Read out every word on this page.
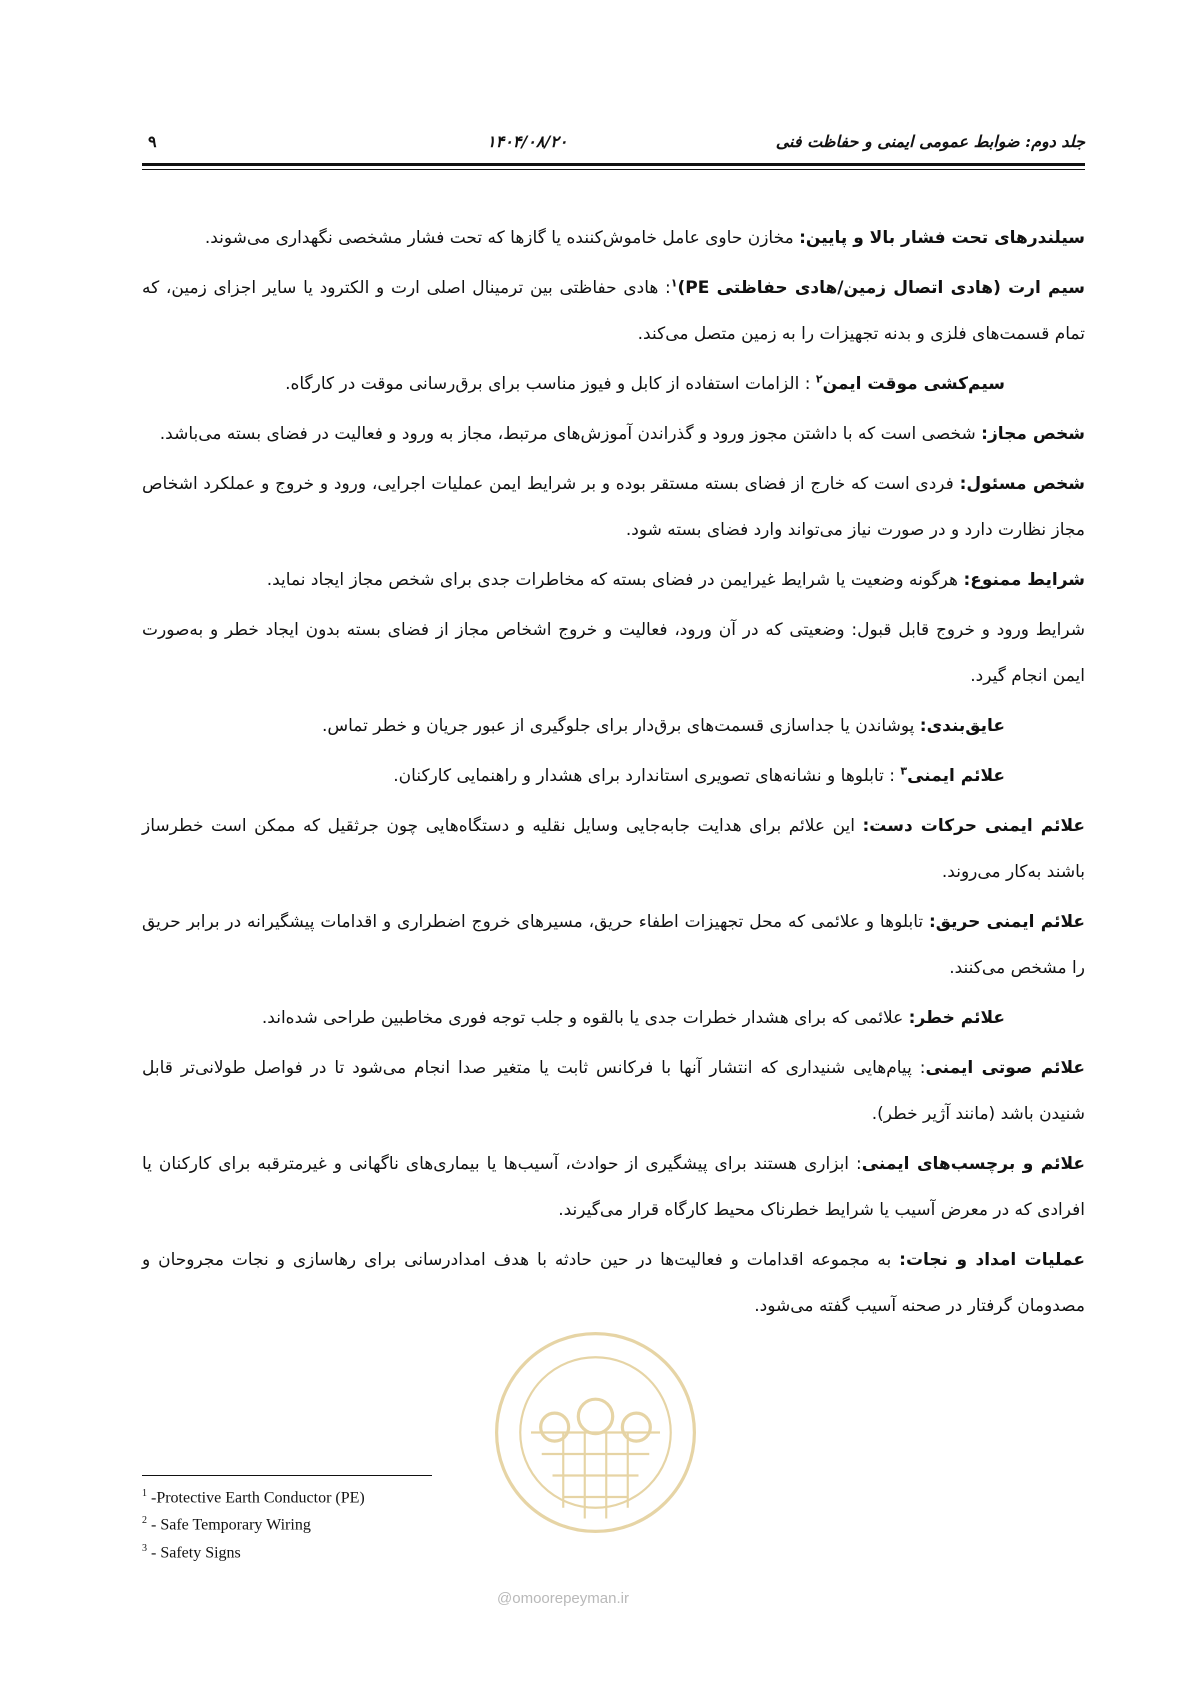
جلد دوم: ضوابط عمومی ایمنی و حفاظت فنی
۱۴۰۴/۰۸/۲۰
۹

سیلندرهای تحت فشار بالا و پایین: مخازن حاوی عامل خاموش‌کننده یا گازها که تحت فشار مشخصی نگهداری می‌شوند.

سیم ارت (هادی اتصال زمین/هادی حفاظتی PE)$^۱$: هادی حفاظتی بین ترمینال اصلی ارت و الکترود یا سایر اجزای زمین، که تمام قسمت‌های فلزی و بدنه تجهیزات را به زمین متصل می‌کند.

سیم‌کشی موقت ایمن$^۲$ : الزامات استفاده از کابل و فیوز مناسب برای برق‌رسانی موقت در کارگاه.

شخص مجاز: شخصی است که با داشتن مجوز ورود و گذراندن آموزش‌های مرتبط، مجاز به ورود و فعالیت در فضای بسته می‌باشد.

شخص مسئول: فردی است که خارج از فضای بسته مستقر بوده و بر شرایط ایمن عملیات اجرایی، ورود و خروج و عملکرد اشخاص مجاز نظارت دارد و در صورت نیاز می‌تواند وارد فضای بسته شود.

شرایط ممنوع: هرگونه وضعیت یا شرایط غیرایمن در فضای بسته که مخاطرات جدی برای شخص مجاز ایجاد نماید.

شرایط ورود و خروج قابل قبول: وضعیتی که در آن ورود، فعالیت و خروج اشخاص مجاز از فضای بسته بدون ایجاد خطر و به‌صورت ایمن انجام گیرد.

عایق‌بندی: پوشاندن یا جداسازی قسمت‌های برق‌دار برای جلوگیری از عبور جریان و خطر تماس.

علائم ایمنی$^۳$ : تابلوها و نشانه‌های تصویری استاندارد برای هشدار و راهنمایی کارکنان.

علائم ایمنی حرکات دست: این علائم برای هدایت جابه‌جایی وسایل نقلیه و دستگاه‌هایی چون جرثقیل که ممکن است خطرساز باشند به‌کار می‌روند.

علائم ایمنی حریق: تابلوها و علائمی که محل تجهیزات اطفاء حریق، مسیرهای خروج اضطراری و اقدامات پیشگیرانه در برابر حریق را مشخص می‌کنند.

علائم خطر: علائمی که برای هشدار خطرات جدی یا بالقوه و جلب توجه فوری مخاطبین طراحی شده‌اند.

علائم صوتی ایمنی: پیام‌هایی شنیداری که انتشار آنها با فرکانس ثابت یا متغیر صدا انجام می‌شود تا در فواصل طولانی‌تر قابل شنیدن باشد (مانند آژیر خطر).

علائم و برچسب‌های ایمنی: ابزاری هستند برای پیشگیری از حوادث، آسیب‌ها یا بیماری‌های ناگهانی و غیرمترقبه برای کارکنان یا افرادی که در معرض آسیب یا شرایط خطرناک محیط کارگاه قرار می‌گیرند.

عملیات امداد و نجات: به مجموعه اقدامات و فعالیت‌ها در حین حادثه با هدف امدادرسانی برای رهاسازی و نجات مجروحان و مصدومان گرفتار در صحنه آسیب گفته می‌شود.

@omoorepeyman.ir
$^1$ -Protective Earth Conductor (PE)
$^2$ - Safe Temporary Wiring
$^3$ - Safety Signs
